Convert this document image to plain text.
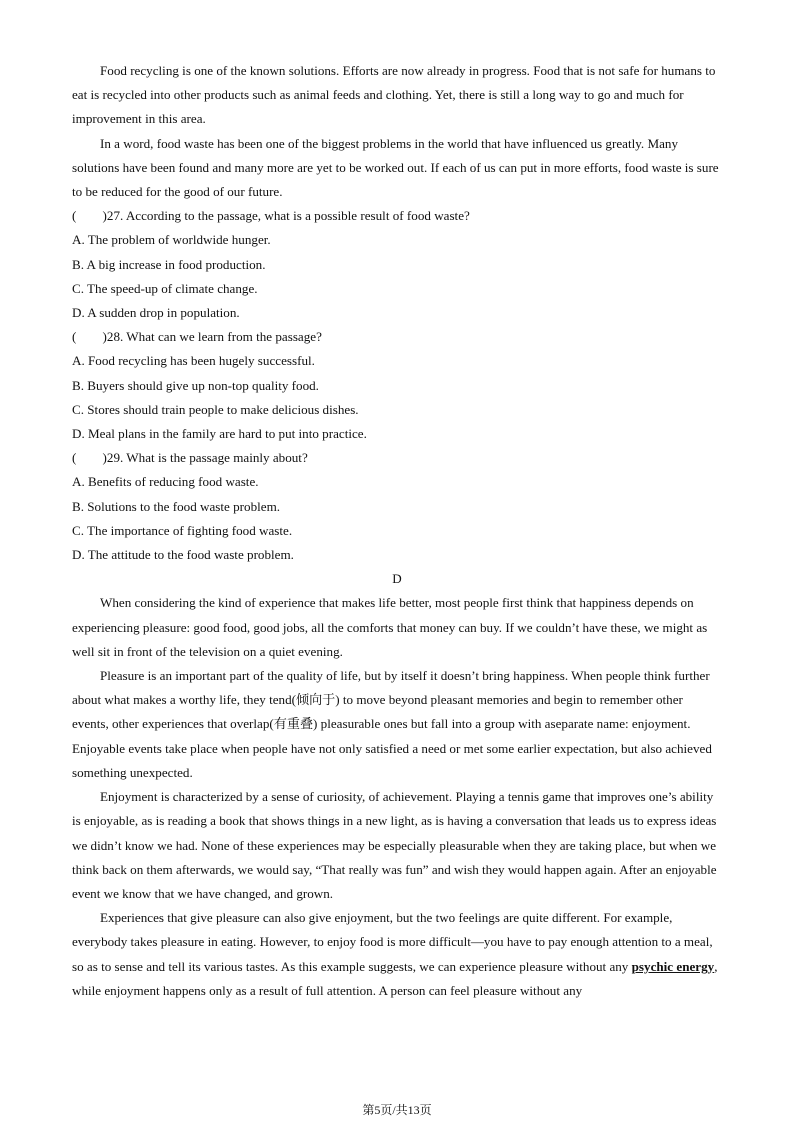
Food recycling is one of the known solutions. Efforts are now already in progress. Food that is not safe for humans to eat is recycled into other products such as animal feeds and clothing. Yet, there is still a long way to go and much for improvement in this area.

In a word, food waste has been one of the biggest problems in the world that have influenced us greatly. Many solutions have been found and many more are yet to be worked out. If each of us can put in more efforts, food waste is sure to be reduced for the good of our future.

(        )27. According to the passage, what is a possible result of food waste?

A. The problem of worldwide hunger.

B. A big increase in food production.

C. The speed-up of climate change.

D. A sudden drop in population.

(        )28. What can we learn from the passage?

A. Food recycling has been hugely successful.

B. Buyers should give up non-top quality food.

C. Stores should train people to make delicious dishes.

D. Meal plans in the family are hard to put into practice.

(        )29. What is the passage mainly about?

A. Benefits of reducing food waste.

B. Solutions to the food waste problem.

C. The importance of fighting food waste.

D. The attitude to the food waste problem.

D

When considering the kind of experience that makes life better, most people first think that happiness depends on experiencing pleasure: good food, good jobs, all the comforts that money can buy. If we couldn’t have these, we might as well sit in front of the television on a quiet evening.

Pleasure is an important part of the quality of life, but by itself it doesn’t bring happiness. When people think further about what makes a worthy life, they tend(倾向于) to move beyond pleasant memories and begin to remember other events, other experiences that overlap(有重叠) pleasurable ones but fall into a group with aseparate name: enjoyment. Enjoyable events take place when people have not only satisfied a need or met some earlier expectation, but also achieved something unexpected.

Enjoyment is characterized by a sense of curiosity, of achievement. Playing a tennis game that improves one’s ability is enjoyable, as is reading a book that shows things in a new light, as is having a conversation that leads us to express ideas we didn’t know we had. None of these experiences may be especially pleasurable when they are taking place, but when we think back on them afterwards, we would say, “That really was fun” and wish they would happen again. After an enjoyable event we know that we have changed, and grown.

Experiences that give pleasure can also give enjoyment, but the two feelings are quite different. For example, everybody takes pleasure in eating. However, to enjoy food is more difficult—you have to pay enough attention to a meal, so as to sense and tell its various tastes. As this example suggests, we can experience pleasure without any psychic energy, while enjoyment happens only as a result of full attention. A person can feel pleasure without any

第5页/共13页
